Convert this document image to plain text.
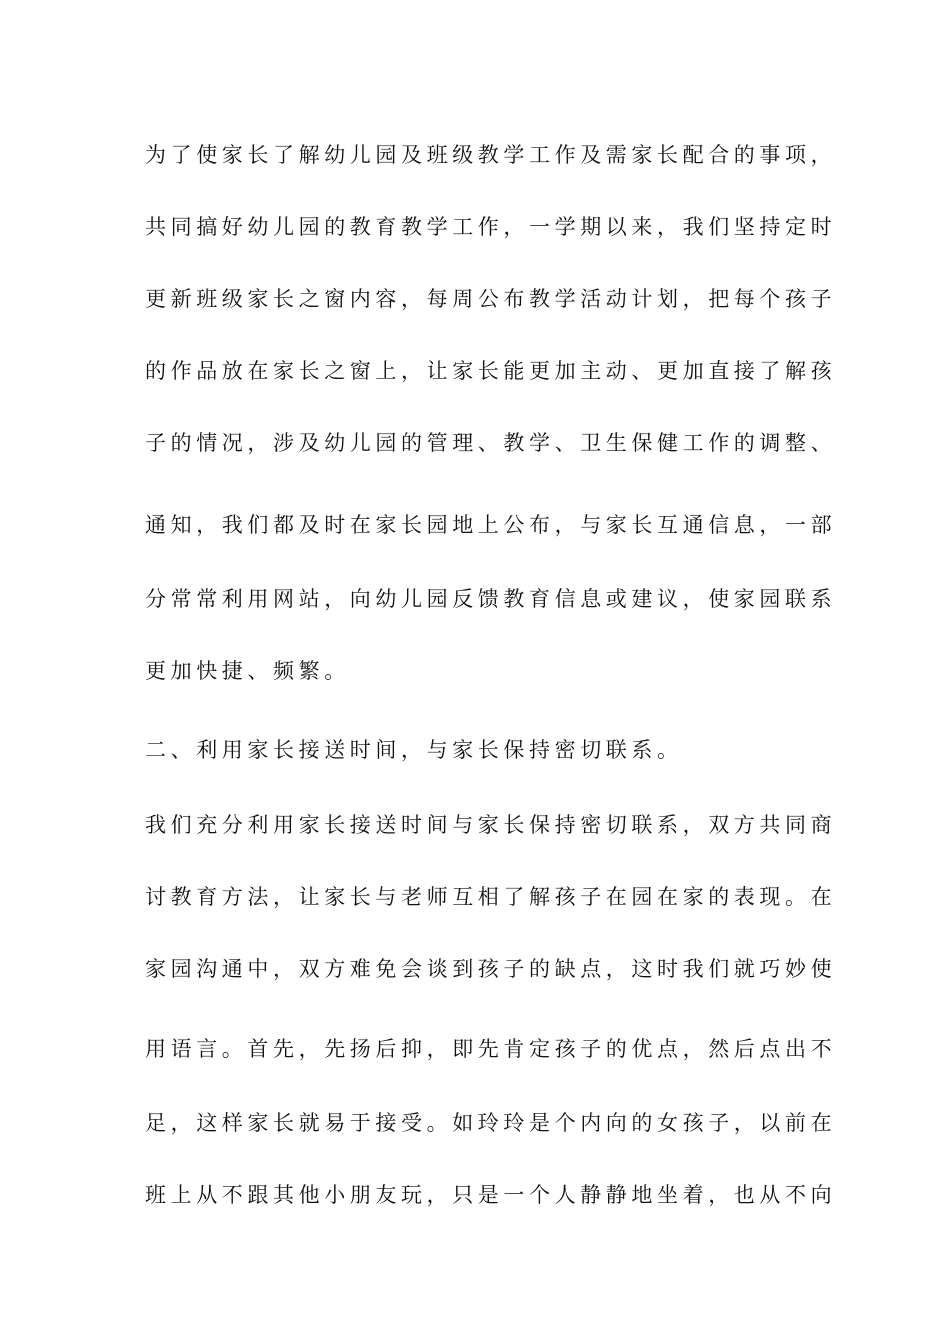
为了使家长了解幼儿园及班级教学工作及需家长配合的事项，
共同搞好幼儿园的教育教学工作，一学期以来，我们坚持定时
更新班级家长之窗内容，每周公布教学活动计划，把每个孩子
的作品放在家长之窗上，让家长能更加主动、更加直接了解孩
子的情况，涉及幼儿园的管理、教学、卫生保健工作的调整、
通知，我们都及时在家长园地上公布，与家长互通信息，一部
分常常利用网站，向幼儿园反馈教育信息或建议，使家园联系
更加快捷、频繁。
二、利用家长接送时间，与家长保持密切联系。
我们充分利用家长接送时间与家长保持密切联系，双方共同商
讨教育方法，让家长与老师互相了解孩子在园在家的表现。在
家园沟通中，双方难免会谈到孩子的缺点，这时我们就巧妙使
用语言。首先，先扬后抑，即先肯定孩子的优点，然后点出不
足，这样家长就易于接受。如玲玲是个内向的女孩子，以前在
班上从不跟其他小朋友玩，只是一个人静静地坐着，也从不向
